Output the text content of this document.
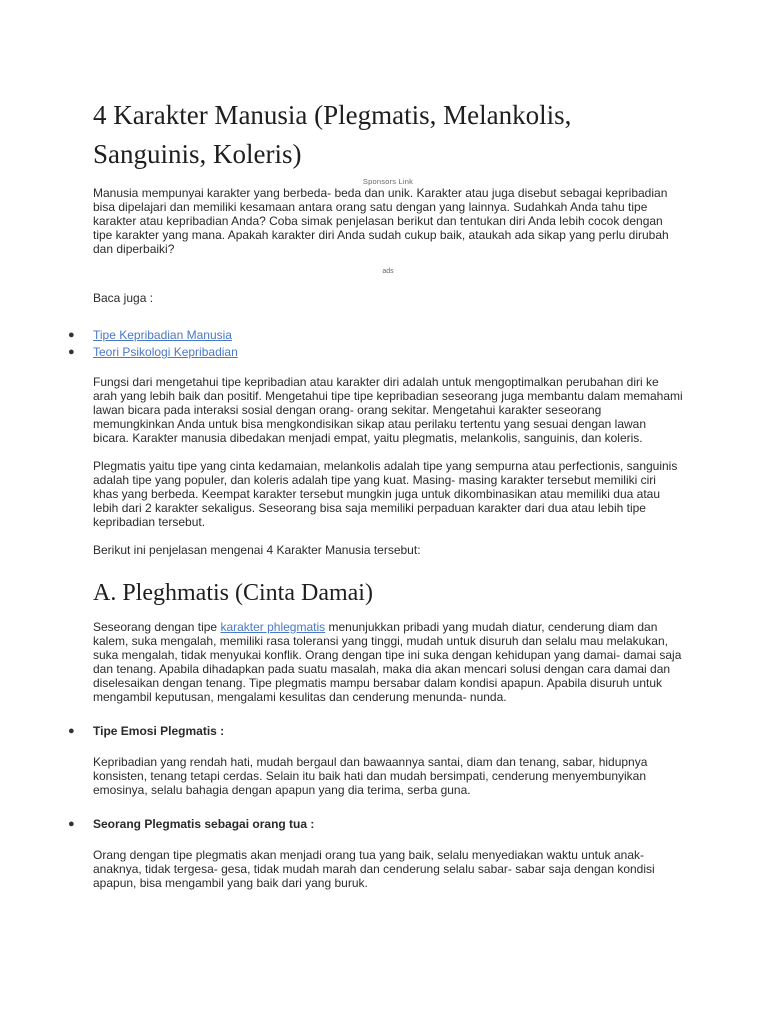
4 Karakter Manusia (Plegmatis, Melankolis, Sanguinis, Koleris)
Sponsors Link

Manusia mempunyai karakter yang berbeda- beda dan unik. Karakter atau juga disebut sebagai kepribadian bisa dipelajari dan memiliki kesamaan antara orang satu dengan yang lainnya. Sudahkah Anda tahu tipe karakter atau kepribadian Anda? Coba simak penjelasan berikut dan tentukan diri Anda lebih cocok dengan tipe karakter yang mana. Apakah karakter diri Anda sudah cukup baik, ataukah ada sikap yang perlu dirubah dan diperbaiki?

ads

Baca juga :

● Tipe Kepribadian Manusia
● Teori Psikologi Kepribadian

Fungsi dari mengetahui tipe kepribadian atau karakter diri adalah untuk mengoptimalkan perubahan diri ke arah yang lebih baik dan positif. Mengetahui tipe tipe kepribadian seseorang juga membantu dalam memahami lawan bicara pada interaksi sosial dengan orang- orang sekitar. Mengetahui karakter seseorang memungkinkan Anda untuk bisa mengkondisikan sikap atau perilaku tertentu yang sesuai dengan lawan bicara. Karakter manusia dibedakan menjadi empat, yaitu plegmatis, melankolis, sanguinis, dan koleris.

Plegmatis yaitu tipe yang cinta kedamaian, melankolis adalah tipe yang sempurna atau perfectionis, sanguinis adalah tipe yang populer, dan koleris adalah tipe yang kuat. Masing- masing karakter tersebut memiliki ciri khas yang berbeda. Keempat karakter tersebut mungkin juga untuk dikombinasikan atau memiliki dua atau lebih dari 2 karakter sekaligus. Seseorang bisa saja memiliki perpaduan karakter dari dua atau lebih tipe kepribadian tersebut.

Berikut ini penjelasan mengenai 4 Karakter Manusia tersebut:

A. Pleghmatis (Cinta Damai)

Seseorang dengan tipe karakter phlegmatis menunjukkan pribadi yang mudah diatur, cenderung diam dan kalem, suka mengalah, memiliki rasa toleransi yang tinggi, mudah untuk disuruh dan selalu mau melakukan, suka mengalah, tidak menyukai konflik. Orang dengan tipe ini suka dengan kehidupan yang damai- damai saja dan tenang. Apabila dihadapkan pada suatu masalah, maka dia akan mencari solusi dengan cara damai dan diselesaikan dengan tenang. Tipe plegmatis mampu bersabar dalam kondisi apapun. Apabila disuruh untuk mengambil keputusan, mengalami kesulitas dan cenderung menunda- nunda.

● Tipe Emosi Plegmatis :

Kepribadian yang rendah hati, mudah bergaul dan bawaannya santai, diam dan tenang, sabar, hidupnya konsisten, tenang tetapi cerdas. Selain itu baik hati dan mudah bersimpati, cenderung menyembunyikan emosinya, selalu bahagia dengan apapun yang dia terima, serba guna.

● Seorang Plegmatis sebagai orang tua :

Orang dengan tipe plegmatis akan menjadi orang tua yang baik, selalu menyediakan waktu untuk anak- anaknya, tidak tergesa- gesa, tidak mudah marah dan cenderung selalu sabar- sabar saja dengan kondisi apapun, bisa mengambil yang baik dari yang buruk.
